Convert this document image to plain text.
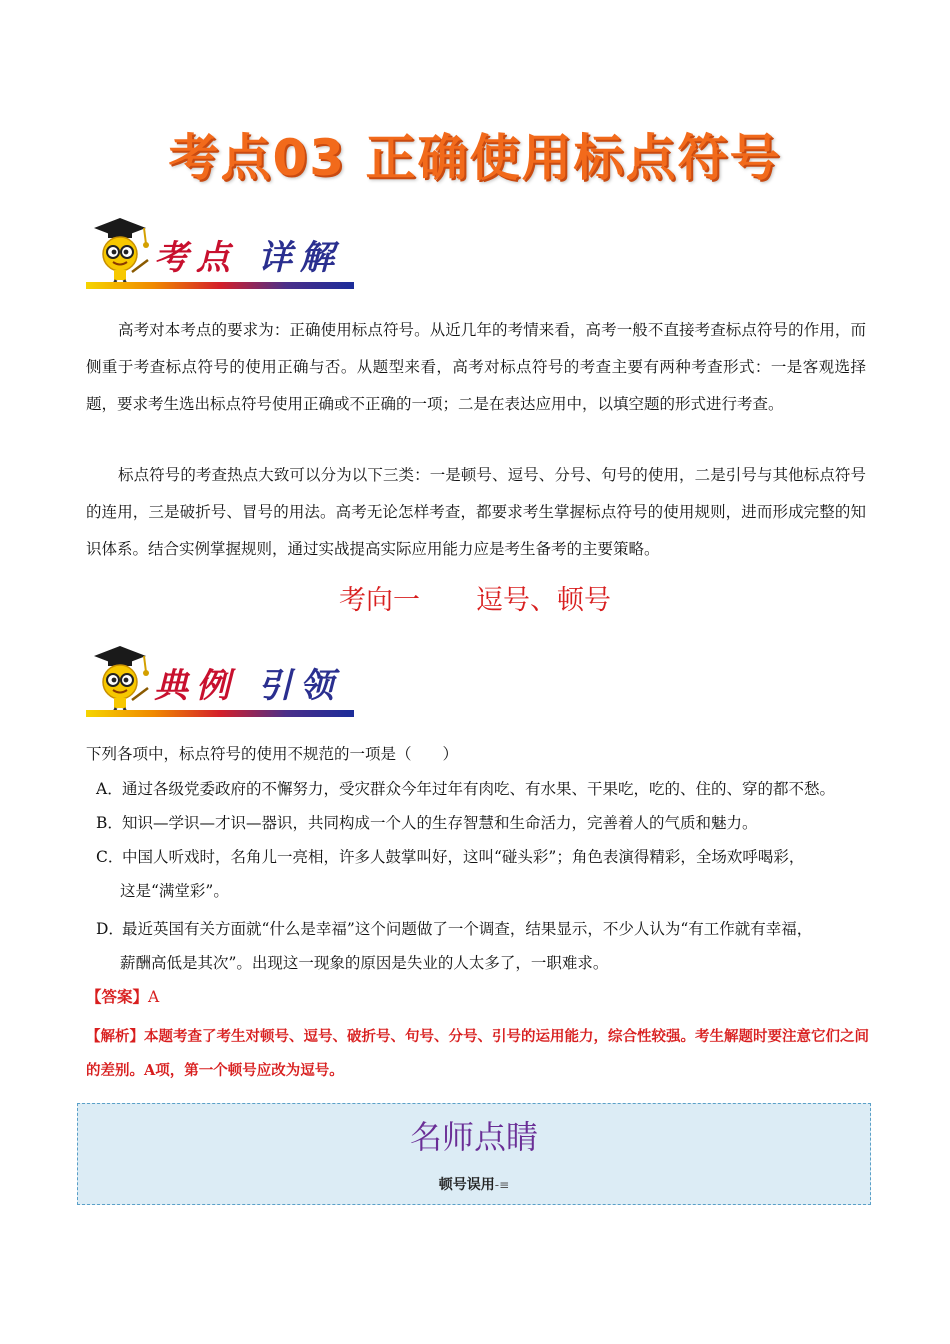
考点03 正确使用标点符号
考点 详解
高考对本考点的要求为：正确使用标点符号。从近几年的考情来看，高考一般不直接考查标点符号的作用，而侧重于考查标点符号的使用正确与否。从题型来看，高考对标点符号的考查主要有两种考查形式：一是客观选择题，要求考生选出标点符号使用正确或不正确的一项；二是在表达应用中，以填空题的形式进行考查。
标点符号的考查热点大致可以分为以下三类：一是顿号、逗号、分号、句号的使用，二是引号与其他标点符号的连用，三是破折号、冒号的用法。高考无论怎样考查，都要求考生掌握标点符号的使用规则，进而形成完整的知识体系。结合实例掌握规则，通过实战提高实际应用能力应是考生备考的主要策略。
考向一 逗号、顿号
典例 引领
下列各项中，标点符号的使用不规范的一项是（　　）
A．通过各级党委政府的不懈努力，受灾群众今年过年有肉吃、有水果、干果吃，吃的、住的、穿的都不愁。
B．知识—学识—才识—器识，共同构成一个人的生存智慧和生命活力，完善着人的气质和魅力。
C．中国人听戏时，名角儿一亮相，许多人鼓掌叫好，这叫“碰头彩”；角色表演得精彩，全场欢呼喝彩，
这是“满堂彩”。
D．最近英国有关方面就“什么是幸福”这个问题做了一个调查，结果显示，不少人认为“有工作就有幸福，
薪酬高低是其次”。出现这一现象的原因是失业的人太多了，一职难求。
【答案】A
【解析】本题考查了考生对顿号、逗号、破折号、句号、分号、引号的运用能力，综合性较强。考生解题时要注意它们之间的差别。A项，第一个顿号应改为逗号。
名师点睛
顿号误用-≡
